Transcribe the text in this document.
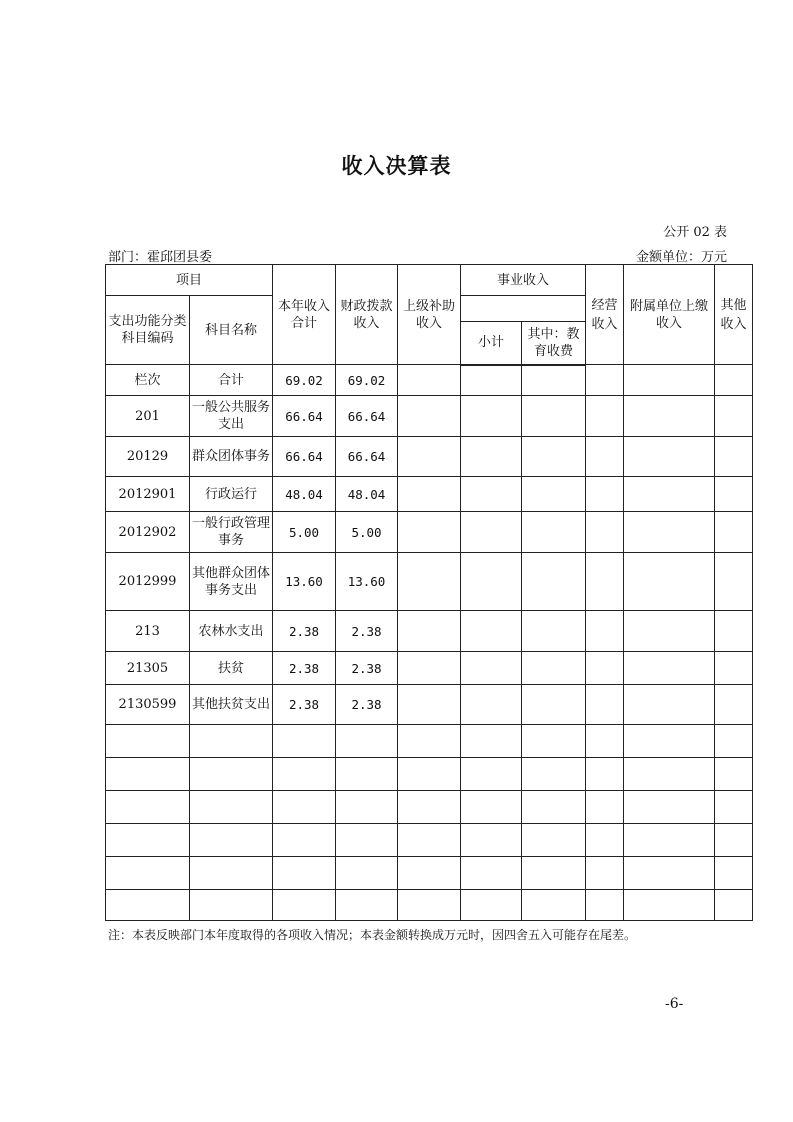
收入决算表
公开 02 表
部门：霍邱团县委	金额单位：万元
项目		本年收入合计	财政拨款收入	上级补助收入	事业收入		经营收入	附属单位上缴收入	其他收入
支出功能分类科目编码	科目名称								
					小计	其中：教育收费			
栏次	合计	69.02	69.02						
201	一般公共服务支出	66.64	66.64						
20129	群众团体事务	66.64	66.64						
2012901	行政运行	48.04	48.04						
2012902	一般行政管理事务	5.00	5.00						
2012999	其他群众团体事务支出	13.60	13.60						
213	农林水支出	2.38	2.38						
21305	扶贫	2.38	2.38						
2130599	其他扶贫支出	2.38	2.38						

注：本表反映部门本年度取得的各项收入情况；本表金额转换成万元时，因四舍五入可能存在尾差。
-6-
